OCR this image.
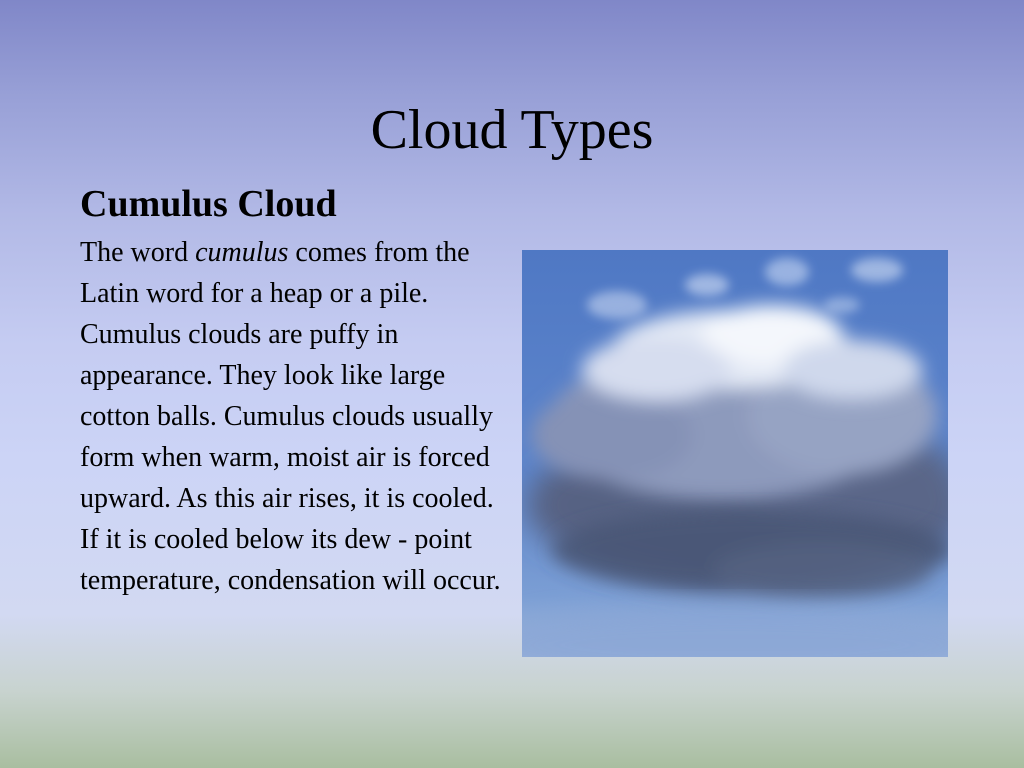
Cloud Types
Cumulus Cloud

The word cumulus comes from the Latin word for a heap or a pile. Cumulus clouds are puffy in appearance. They look like large cotton balls. Cumulus clouds usually form when warm, moist air is forced upward. As this air rises, it is cooled. If it is cooled below its dew - point temperature, condensation will occur.
